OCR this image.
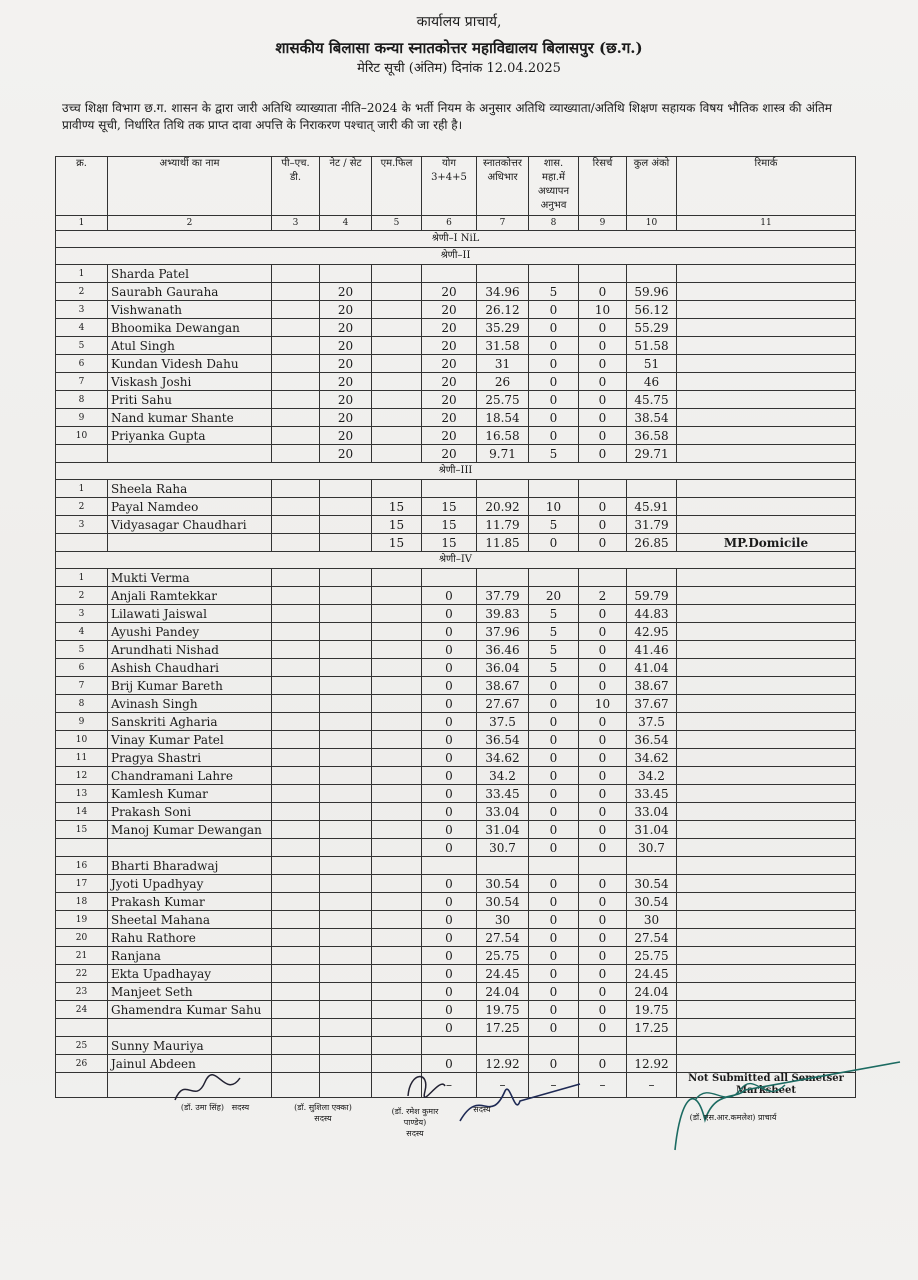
कार्यालय प्राचार्य,
शासकीय बिलासा कन्या स्नातकोत्तर महाविद्यालय बिलासपुर (छ.ग.)
मेरिट सूची (अंतिम) दिनांक 12.04.2025
उच्च शिक्षा विभाग छ.ग. शासन के द्वारा जारी अतिथि व्याख्याता नीति–2024 के भर्ती नियम के अनुसार अतिथि व्याख्याता/अतिथि शिक्षण सहायक विषय भौतिक शास्त्र की अंतिम प्रावीण्य सूची, निर्धारित तिथि तक प्राप्त दावा अपत्ति के निराकरण पश्चात् जारी की जा रही है।
क्र.	अभ्यार्थी का नाम	पी–एच. डी.	नेट / सेट	एम.फिल	योग 3+4+5	स्नातकोत्तर अधिभार	शास. महा.में अध्यापन अनुभव	रिसर्च	कुल अंको	रिमार्क
1	2	3	4	5	6	7	8	9	10	11
श्रेणी–I NiL										
श्रेणी–II										
1	Sharda Patel									
2	Saurabh Gauraha		20		20	34.96	5	0	59.96	
3	Vishwanath		20		20	26.12	0	10	56.12	
4	Bhoomika Dewangan		20		20	35.29	0	0	55.29	
5	Atul Singh		20		20	31.58	0	0	51.58	
6	Kundan Videsh Dahu		20		20	31	0	0	51	
7	Viskash Joshi		20		20	26	0	0	46	
8	Priti Sahu		20		20	25.75	0	0	45.75	
9	Nand kumar Shante		20		20	18.54	0	0	38.54	
10	Priyanka Gupta		20		20	16.58	0	0	36.58	
			20		20	9.71	5	0	29.71	
श्रेणी–III										
1	Sheela Raha									
2	Payal Namdeo			15	15	20.92	10	0	45.91	
3	Vidyasagar Chaudhari			15	15	11.79	5	0	31.79	
				15	15	11.85	0	0	26.85	MP.Domicile
श्रेणी–IV										
1	Mukti Verma									
2	Anjali Ramtekkar				0	37.79	20	2	59.79	
3	Lilawati Jaiswal				0	39.83	5	0	44.83	
4	Ayushi Pandey				0	37.96	5	0	42.95	
5	Arundhati Nishad				0	36.46	5	0	41.46	
6	Ashish Chaudhari				0	36.04	5	0	41.04	
7	Brij Kumar Bareth				0	38.67	0	0	38.67	
8	Avinash Singh				0	27.67	0	10	37.67	
9	Sanskriti Agharia				0	37.5	0	0	37.5	
10	Vinay Kumar Patel				0	36.54	0	0	36.54	
11	Pragya Shastri				0	34.62	0	0	34.62	
12	Chandramani Lahre				0	34.2	0	0	34.2	
13	Kamlesh Kumar				0	33.45	0	0	33.45	
14	Prakash Soni				0	33.04	0	0	33.04	
15	Manoj Kumar Dewangan				0	31.04	0	0	31.04	
					0	30.7	0	0	30.7	
16	Bharti Bharadwaj									
17	Jyoti Upadhyay				0	30.54	0	0	30.54	
18	Prakash Kumar				0	30.54	0	0	30.54	
19	Sheetal Mahana				0	30	0	0	30	
20	Rahu Rathore				0	27.54	0	0	27.54	
21	Ranjana				0	25.75	0	0	25.75	
22	Ekta Upadhayay				0	24.45	0	0	24.45	
23	Manjeet Seth				0	24.04	0	0	24.04	
24	Ghamendra Kumar Sahu				0	19.75	0	0	19.75	
					0	17.25	0	0	17.25	
25	Sunny Mauriya									
26	Jainul Abdeen				0	12.92	0	0	12.92	
					–	–	–	–	–	Not Submitted all Semetser Marksheet
(डॉ. उमा सिंह) सदस्य	(डॉ. सुशिला एक्का)
सदस्य
(डॉ. रमेश कुमार पाण्डेय)
सदस्य
सदस्य
(डॉ. एस.आर.कमलेश) प्राचार्य
